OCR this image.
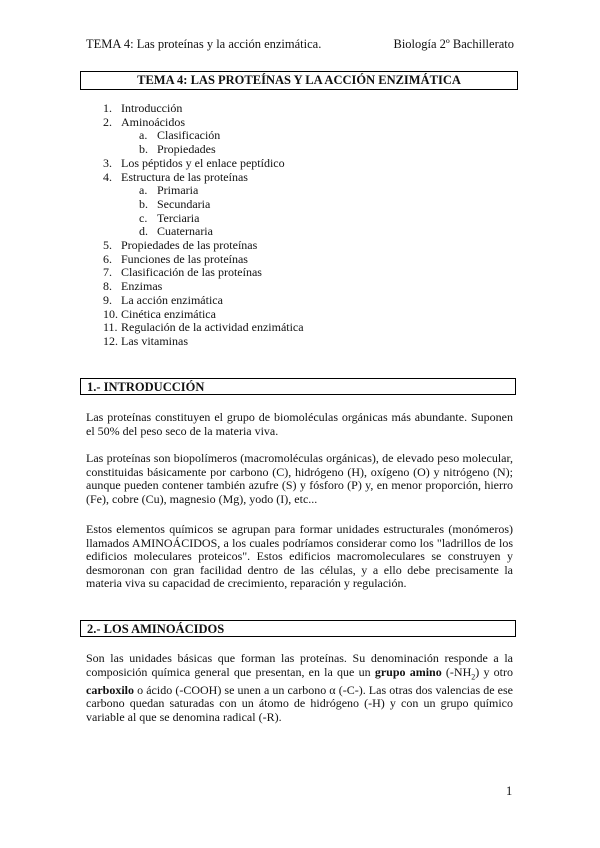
TEMA 4: Las proteínas y la acción enzimática.	Biología 2º Bachillerato
TEMA 4: LAS PROTEÍNAS Y LA ACCIÓN ENZIMÁTICA
1. Introducción
2. Aminoácidos
a. Clasificación
b. Propiedades
3. Los péptidos y el enlace peptídico
4. Estructura de las proteínas
a. Primaria
b. Secundaria
c. Terciaria
d. Cuaternaria
5. Propiedades de las proteínas
6. Funciones de las proteínas
7. Clasificación de las proteínas
8. Enzimas
9. La acción enzimática
10. Cinética enzimática
11. Regulación de la actividad enzimática
12. Las vitaminas
1.- INTRODUCCIÓN

Las proteínas constituyen el grupo de biomoléculas orgánicas más abundante. Suponen el 50% del peso seco de la materia viva.

Las proteínas son biopolímeros (macromoléculas orgánicas), de elevado peso molecular, constituidas básicamente por carbono (C), hidrógeno (H), oxígeno (O) y nitrógeno (N); aunque pueden contener también azufre (S) y fósforo (P) y, en menor proporción, hierro (Fe), cobre (Cu), magnesio (Mg), yodo (I), etc...

Estos elementos químicos se agrupan para formar unidades estructurales (monómeros) llamados AMINOÁCIDOS, a los cuales podríamos considerar como los "ladrillos de los edificios moleculares proteicos". Estos edificios macromoleculares se construyen y desmoronan con gran facilidad dentro de las células, y a ello debe precisamente la materia viva su capacidad de crecimiento, reparación y regulación.

2.- LOS AMINOÁCIDOS

Son las unidades básicas que forman las proteínas. Su denominación responde a la composición química general que presentan, en la que un grupo amino $(-NH_2)$ y otro carboxilo o ácido (-COOH) se unen a un carbono α (-C-). Las otras dos valencias de ese carbono quedan saturadas con un átomo de hidrógeno (-H) y con un grupo químico variable al que se denomina radical (-R).

1
